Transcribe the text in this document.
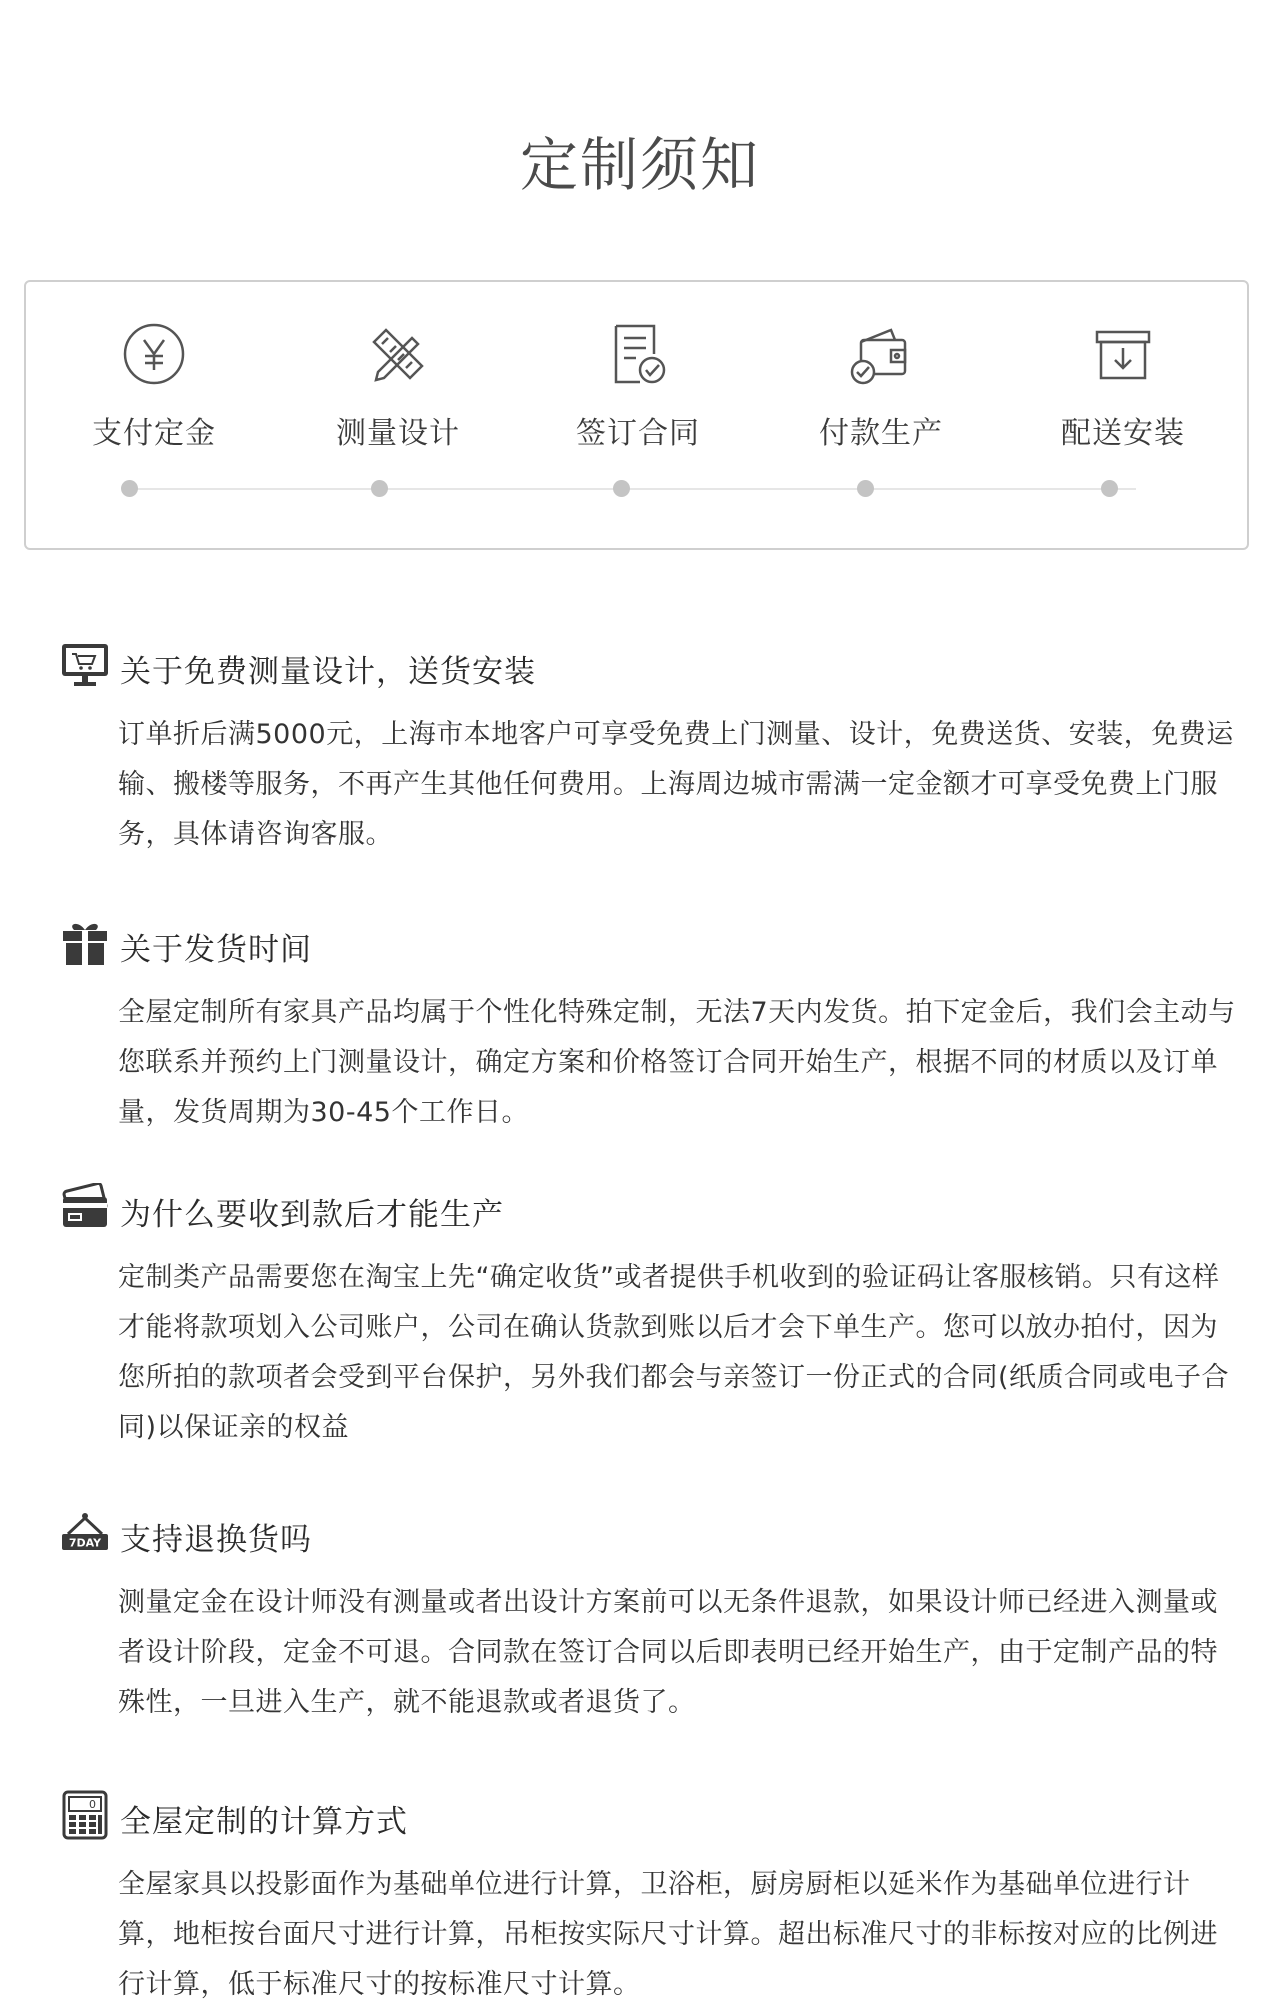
定制须知
支付定金	测量设计	签订合同	付款生产	配送安装
关于免费测量设计，送货安装
订单折后满5000元，上海市本地客户可享受免费上门测量、设计，免费送货、安装，免费运输、搬楼等服务，不再产生其他任何费用。上海周边城市需满一定金额才可享受免费上门服务，具体请咨询客服。
关于发货时间
全屋定制所有家具产品均属于个性化特殊定制，无法7天内发货。拍下定金后，我们会主动与您联系并预约上门测量设计，确定方案和价格签订合同开始生产，根据不同的材质以及订单量，发货周期为30-45个工作日。
为什么要收到款后才能生产
定制类产品需要您在淘宝上先“确定收货”或者提供手机收到的验证码让客服核销。只有这样才能将款项划入公司账户，公司在确认货款到账以后才会下单生产。您可以放办拍付，因为您所拍的款项者会受到平台保护，另外我们都会与亲签订一份正式的合同(纸质合同或电子合同)以保证亲的权益
7DAY 支持退换货吗
测量定金在设计师没有测量或者出设计方案前可以无条件退款，如果设计师已经进入测量或者设计阶段，定金不可退。合同款在签订合同以后即表明已经开始生产，由于定制产品的特殊性，一旦进入生产，就不能退款或者退货了。
0 全屋定制的计算方式
全屋家具以投影面作为基础单位进行计算，卫浴柜，厨房厨柜以延米作为基础单位进行计算，地柜按台面尺寸进行计算，吊柜按实际尺寸计算。超出标准尺寸的非标按对应的比例进行计算，低于标准尺寸的按标准尺寸计算。
